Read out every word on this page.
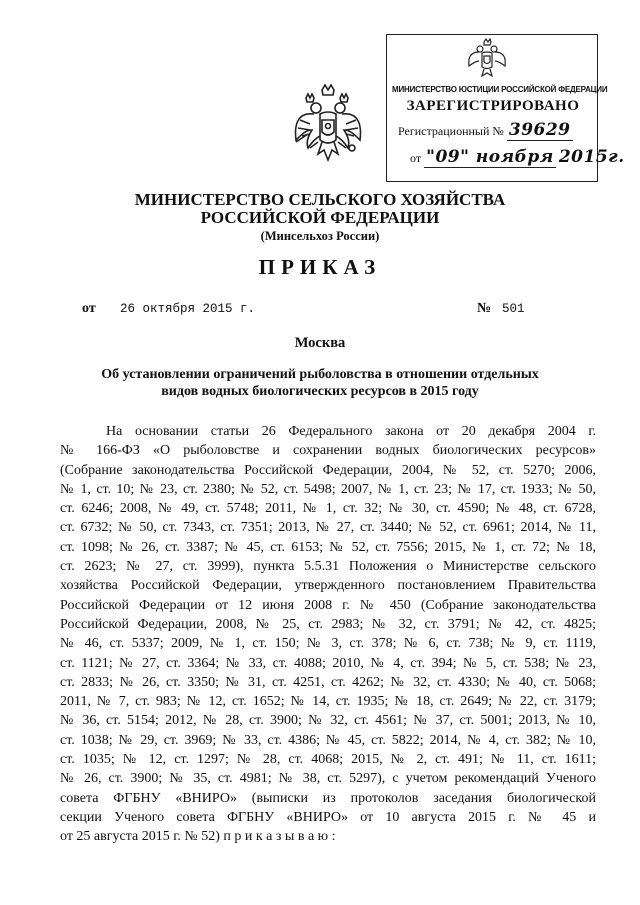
МИНИСТЕРСТВО ЮСТИЦИИ РОССИЙСКОЙ ФЕДЕРАЦИИ
ЗАРЕГИСТРИРОВАНО
Регистрационный № 39629
от "09" ноября 2015г.
МИНИСТЕРСТВО СЕЛЬСКОГО ХОЗЯЙСТВА
РОССИЙСКОЙ ФЕДЕРАЦИИ
(Минсельхоз России)
ПРИКАЗ
от 26 октября 2015 г.	№ 501
Москва
Об установлении ограничений рыболовства в отношении отдельных
видов водных биологических ресурсов в 2015 году
На основании статьи 26 Федерального закона от 20 декабря 2004 г.
№ 166-ФЗ «О рыболовстве и сохранении водных биологических ресурсов»
(Собрание законодательства Российской Федерации, 2004, № 52, ст. 5270; 2006,
№ 1, ст. 10; № 23, ст. 2380; № 52, ст. 5498; 2007, № 1, ст. 23; № 17, ст. 1933; № 50,
ст. 6246; 2008, № 49, ст. 5748; 2011, № 1, ст. 32; № 30, ст. 4590; № 48, ст. 6728,
ст. 6732; № 50, ст. 7343, ст. 7351; 2013, № 27, ст. 3440; № 52, ст. 6961; 2014, № 11,
ст. 1098; № 26, ст. 3387; № 45, ст. 6153; № 52, ст. 7556; 2015, № 1, ст. 72; № 18,
ст. 2623; № 27, ст. 3999), пункта 5.5.31 Положения о Министерстве сельского
хозяйства Российской Федерации, утвержденного постановлением Правительства
Российской Федерации от 12 июня 2008 г. № 450 (Собрание законодательства
Российской Федерации, 2008, № 25, ст. 2983; № 32, ст. 3791; № 42, ст. 4825;
№ 46, ст. 5337; 2009, № 1, ст. 150; № 3, ст. 378; № 6, ст. 738; № 9, ст. 1119,
ст. 1121; № 27, ст. 3364; № 33, ст. 4088; 2010, № 4, ст. 394; № 5, ст. 538; № 23,
ст. 2833; № 26, ст. 3350; № 31, ст. 4251, ст. 4262; № 32, ст. 4330; № 40, ст. 5068;
2011, № 7, ст. 983; № 12, ст. 1652; № 14, ст. 1935; № 18, ст. 2649; № 22, ст. 3179;
№ 36, ст. 5154; 2012, № 28, ст. 3900; № 32, ст. 4561; № 37, ст. 5001; 2013, № 10,
ст. 1038; № 29, ст. 3969; № 33, ст. 4386; № 45, ст. 5822; 2014, № 4, ст. 382; № 10,
ст. 1035; № 12, ст. 1297; № 28, ст. 4068; 2015, № 2, ст. 491; № 11, ст. 1611;
№ 26, ст. 3900; № 35, ст. 4981; № 38, ст. 5297), с учетом рекомендаций Ученого
совета ФГБНУ «ВНИРО» (выписки из протоколов заседания биологической
секции Ученого совета ФГБНУ «ВНИРО» от 10 августа 2015 г. № 45 и
от 25 августа 2015 г. № 52) п р и к а з ы в а ю :
